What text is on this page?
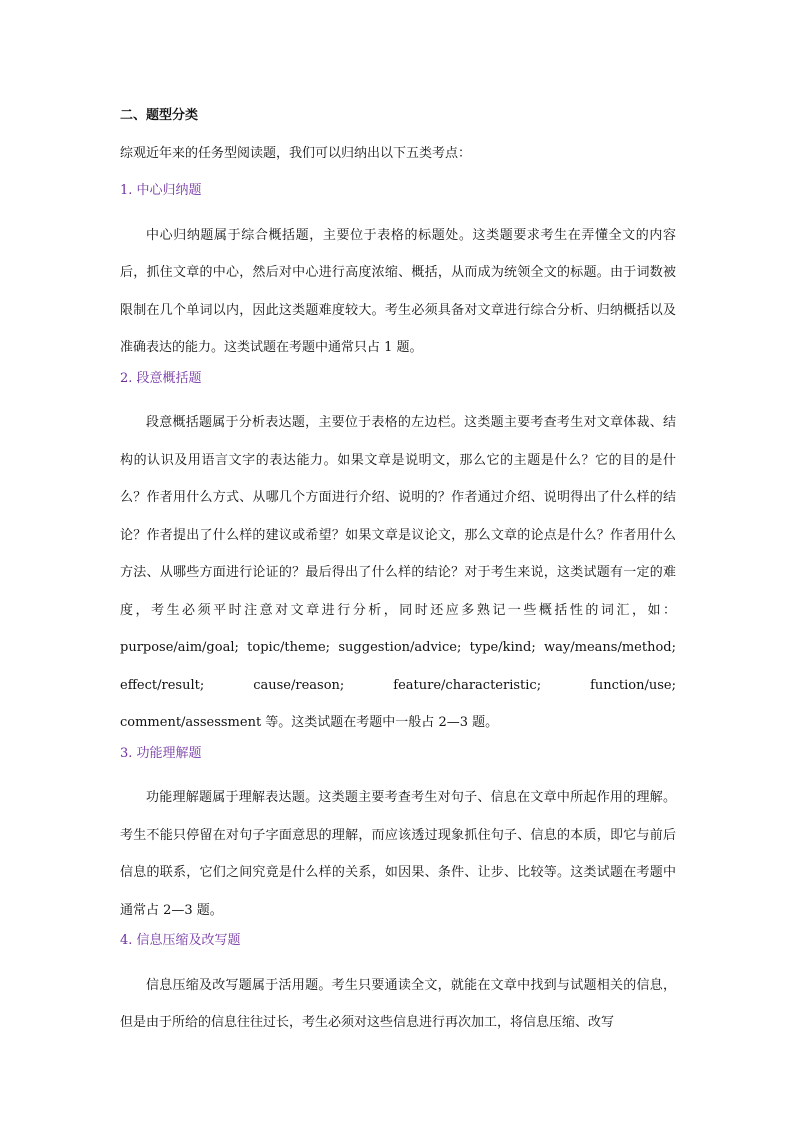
二、题型分类
综观近年来的任务型阅读题，我们可以归纳出以下五类考点：
1. 中心归纳题
中心归纳题属于综合概括题，主要位于表格的标题处。这类题要求考生在弄懂全文的内容后，抓住文章的中心，然后对中心进行高度浓缩、概括，从而成为统领全文的标题。由于词数被限制在几个单词以内，因此这类题难度较大。考生必须具备对文章进行综合分析、归纳概括以及准确表达的能力。这类试题在考题中通常只占 1 题。
2. 段意概括题
段意概括题属于分析表达题，主要位于表格的左边栏。这类题主要考查考生对文章体裁、结构的认识及用语言文字的表达能力。如果文章是说明文，那么它的主题是什么？它的目的是什么？作者用什么方式、从哪几个方面进行介绍、说明的？作者通过介绍、说明得出了什么样的结论？作者提出了什么样的建议或希望？如果文章是议论文，那么文章的论点是什么？作者用什么方法、从哪些方面进行论证的？最后得出了什么样的结论？对于考生来说，这类试题有一定的难度，考生必须平时注意对文章进行分析，同时还应多熟记一些概括性的词汇，如：purpose/aim/goal; topic/theme; suggestion/advice; type/kind; way/means/method; effect/result; cause/reason; feature/characteristic; function/use; comment/assessment 等。这类试题在考题中一般占 2—3 题。
3. 功能理解题
功能理解题属于理解表达题。这类题主要考查考生对句子、信息在文章中所起作用的理解。考生不能只停留在对句子字面意思的理解，而应该透过现象抓住句子、信息的本质，即它与前后信息的联系，它们之间究竟是什么样的关系，如因果、条件、让步、比较等。这类试题在考题中通常占 2—3 题。
4. 信息压缩及改写题
信息压缩及改写题属于活用题。考生只要通读全文，就能在文章中找到与试题相关的信息，但是由于所给的信息往往过长，考生必须对这些信息进行再次加工，将信息压缩、改写
